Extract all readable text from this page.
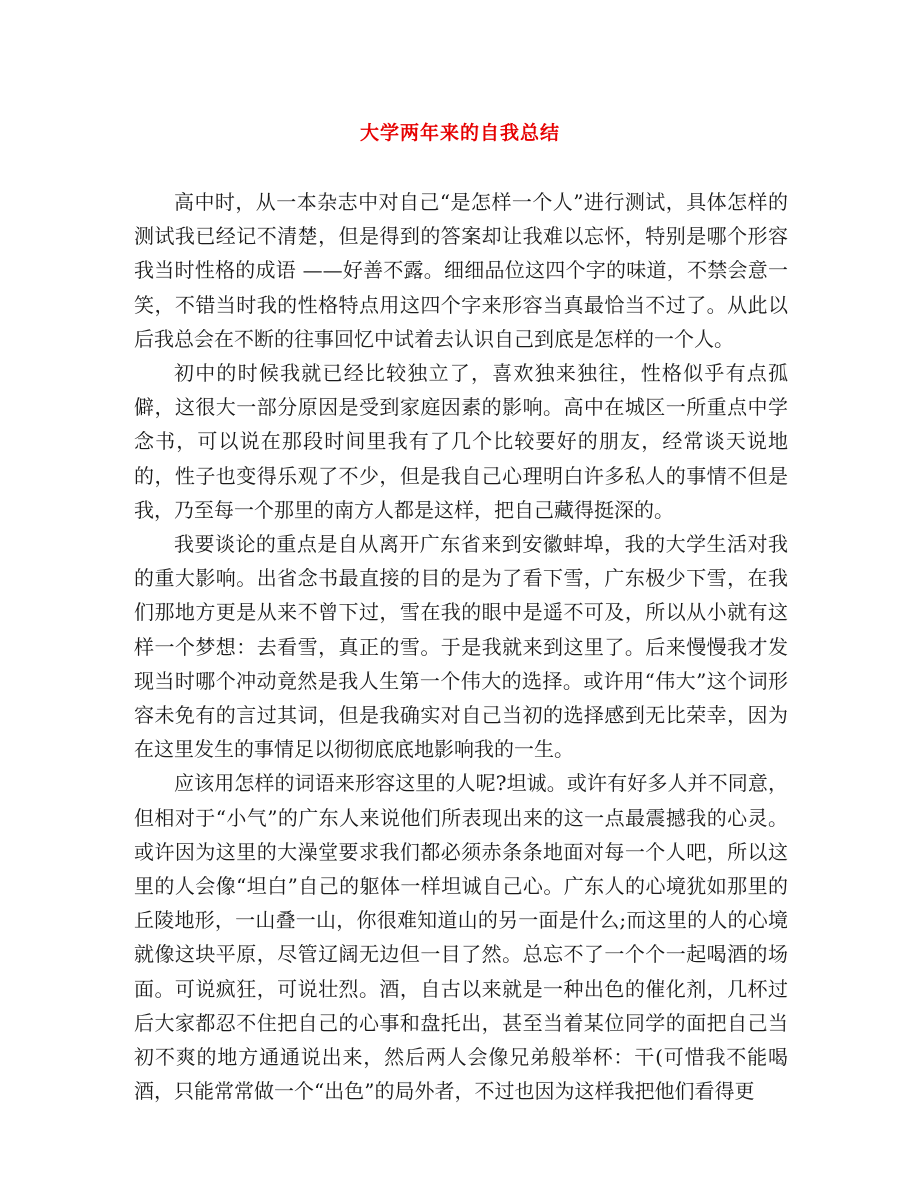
大学两年来的自我总结

高中时，从一本杂志中对自己“是怎样一个人”进行测试，具体怎样的测试我已经记不清楚，但是得到的答案却让我难以忘怀，特别是哪个形容我当时性格的成语 ——好善不露。细细品位这四个字的味道，不禁会意一笑，不错当时我的性格特点用这四个字来形容当真最恰当不过了。从此以后我总会在不断的往事回忆中试着去认识自己到底是怎样的一个人。

初中的时候我就已经比较独立了，喜欢独来独往，性格似乎有点孤僻，这很大一部分原因是受到家庭因素的影响。高中在城区一所重点中学念书，可以说在那段时间里我有了几个比较要好的朋友，经常谈天说地的，性子也变得乐观了不少，但是我自己心理明白许多私人的事情不但是我，乃至每一个那里的南方人都是这样，把自己藏得挺深的。

我要谈论的重点是自从离开广东省来到安徽蚌埠，我的大学生活对我的重大影响。出省念书最直接的目的是为了看下雪，广东极少下雪，在我们那地方更是从来不曾下过，雪在我的眼中是遥不可及，所以从小就有这样一个梦想：去看雪，真正的雪。于是我就来到这里了。后来慢慢我才发现当时哪个冲动竟然是我人生第一个伟大的选择。或许用“伟大”这个词形容未免有的言过其词，但是我确实对自己当初的选择感到无比荣幸，因为在这里发生的事情足以彻彻底底地影响我的一生。

应该用怎样的词语来形容这里的人呢?坦诚。或许有好多人并不同意，但相对于“小气”的广东人来说他们所表现出来的这一点最震撼我的心灵。或许因为这里的大澡堂要求我们都必须赤条条地面对每一个人吧，所以这里的人会像“坦白”自己的躯体一样坦诚自己心。广东人的心境犹如那里的丘陵地形，一山叠一山，你很难知道山的另一面是什么;而这里的人的心境就像这块平原，尽管辽阔无边但一目了然。总忘不了一个个一起喝酒的场面。可说疯狂，可说壮烈。酒，自古以来就是一种出色的催化剂，几杯过后大家都忍不住把自己的心事和盘托出，甚至当着某位同学的面把自己当初不爽的地方通通说出来，然后两人会像兄弟般举杯：干(可惜我不能喝酒，只能常常做一个“出色”的局外者，不过也因为这样我把他们看得更
